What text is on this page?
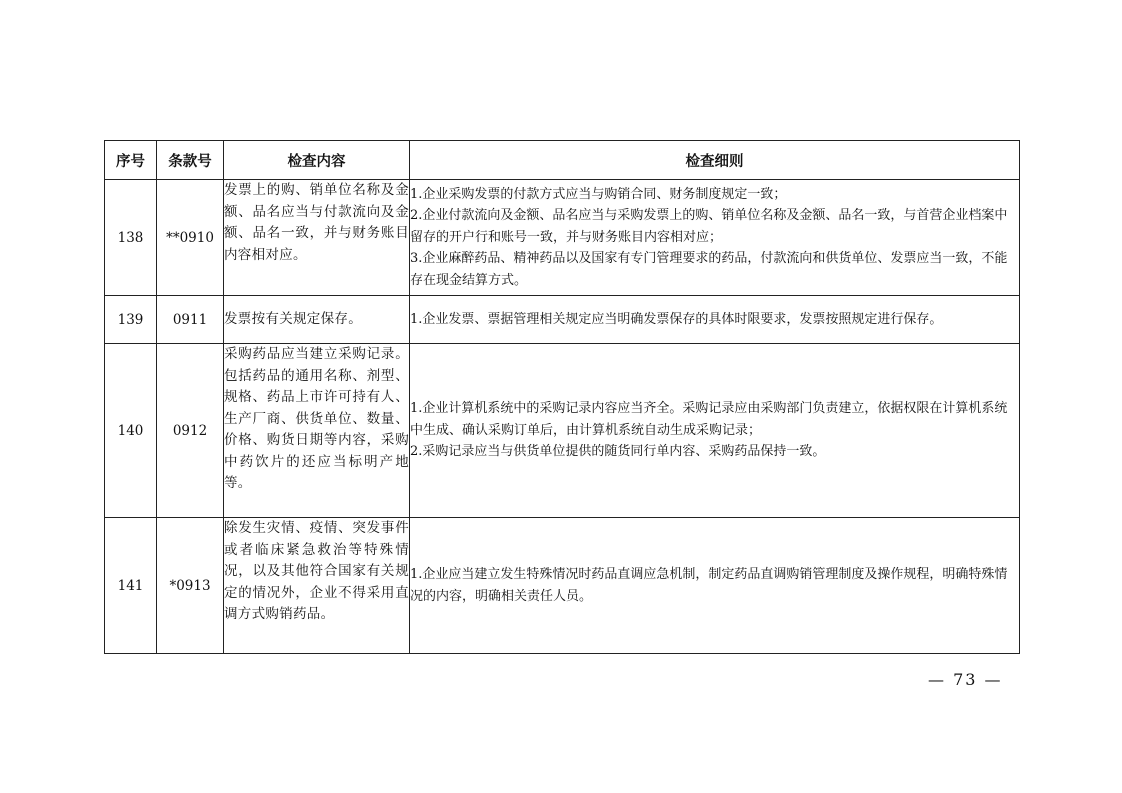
序号	条款号	检查内容	检查细则
138	**0910	发票上的购、销单位名称及金额、品名应当与付款流向及金额、品名一致，并与财务账目内容相对应。	1.企业采购发票的付款方式应当与购销合同、财务制度规定一致；
2.企业付款流向及金额、品名应当与采购发票上的购、销单位名称及金额、品名一致，与首营企业档案中留存的开户行和账号一致，并与财务账目内容相对应；
3.企业麻醉药品、精神药品以及国家有专门管理要求的药品，付款流向和供货单位、发票应当一致，不能存在现金结算方式。

139	0911	发票按有关规定保存。	1.企业发票、票据管理相关规定应当明确发票保存的具体时限要求，发票按照规定进行保存。

140	0912	采购药品应当建立采购记录。包括药品的通用名称、剂型、规格、药品上市许可持有人、生产厂商、供货单位、数量、价格、购货日期等内容，采购中药饮片的还应当标明产地等。	1.企业计算机系统中的采购记录内容应当齐全。采购记录应由采购部门负责建立，依据权限在计算机系统中生成、确认采购订单后，由计算机系统自动生成采购记录；
2.采购记录应当与供货单位提供的随货同行单内容、采购药品保持一致。

141	*0913	除发生灾情、疫情、突发事件或者临床紧急救治等特殊情况，以及其他符合国家有关规定的情况外，企业不得采用直调方式购销药品。	1.企业应当建立发生特殊情况时药品直调应急机制，制定药品直调购销管理制度及操作规程，明确特殊情况的内容，明确相关责任人员。
— 73 —
